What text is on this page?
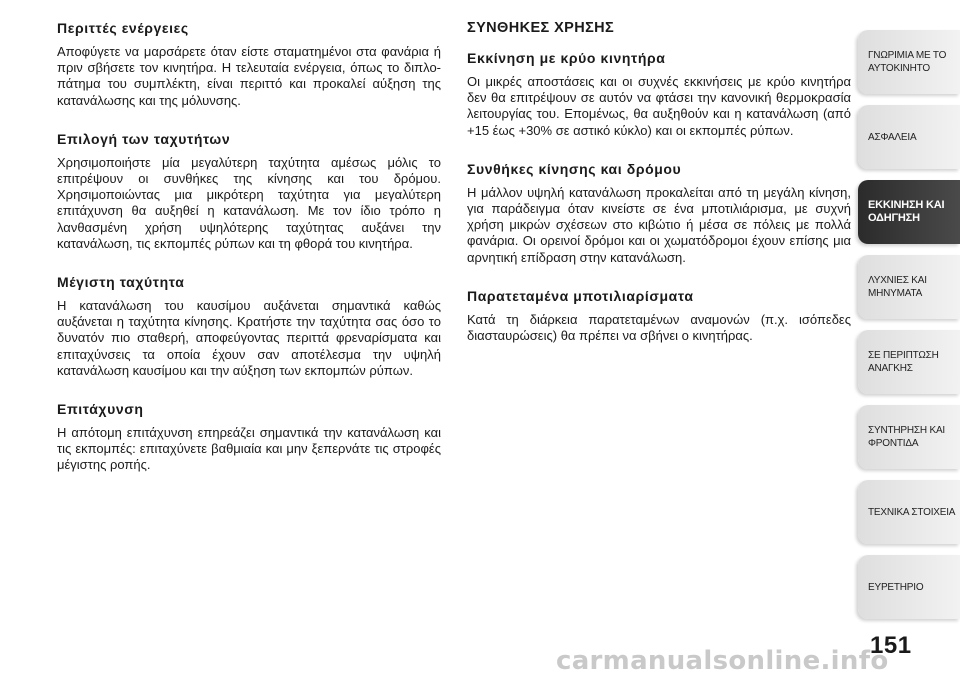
Περιττές ενέργειες

Αποφύγετε να μαρσάρετε όταν είστε σταματημένοι στα φανάρια ή πριν σβήσετε τον κινητήρα. Η τελευταία ενέργεια, όπως το διπλο-πάτημα του συμπλέκτη, είναι περιττό και προκαλεί αύξηση της κατανάλωσης και της μόλυνσης.

Επιλογή των ταχυτήτων

Χρησιμοποιήστε μία μεγαλύτερη ταχύτητα αμέσως μόλις το επιτρέψουν οι συνθήκες της κίνησης και του δρόμου. Χρησιμοποιώντας μια μικρότερη ταχύτητα για μεγαλύτερη επιτάχυνση θα αυξηθεί η κατανάλωση. Με τον ίδιο τρόπο η λανθασμένη χρήση υψηλότερης ταχύτητας αυξάνει την κατανάλωση, τις εκπομπές ρύπων και τη φθορά του κινητήρα.

Μέγιστη ταχύτητα

Η κατανάλωση του καυσίμου αυξάνεται σημαντικά καθώς αυξάνεται η ταχύτητα κίνησης. Κρατήστε την ταχύτητα σας όσο το δυνατόν πιο σταθερή, αποφεύγοντας περιττά φρεναρίσματα και επιταχύνσεις τα οποία έχουν σαν αποτέλεσμα την υψηλή κατανάλωση καυσίμου και την αύξηση των εκπομπών ρύπων.

Επιτάχυνση

Η απότομη επιτάχυνση επηρεάζει σημαντικά την κατανάλωση και τις εκπομπές: επιταχύνετε βαθμιαία και μην ξεπερνάτε τις στροφές μέγιστης ροπής.

ΣΥΝΘΗΚΕΣ ΧΡΗΣΗΣ
Εκκίνηση με κρύο κινητήρα

Οι μικρές αποστάσεις και οι συχνές εκκινήσεις με κρύο κινητήρα δεν θα επιτρέψουν σε αυτόν να φτάσει την κανονική θερμοκρασία λειτουργίας του. Επομένως, θα αυξηθούν και η κατανάλωση (από +15 έως +30% σε αστικό κύκλο) και οι εκπομπές ρύπων.

Συνθήκες κίνησης και δρόμου

Η μάλλον υψηλή κατανάλωση προκαλείται από τη μεγάλη κίνηση, για παράδειγμα όταν κινείστε σε ένα μποτιλιάρισμα, με συχνή χρήση μικρών σχέσεων στο κιβώτιο ή μέσα σε πόλεις με πολλά φανάρια. Οι ορεινοί δρόμοι και οι χωματόδρομοι έχουν επίσης μια αρνητική επίδραση στην κατανάλωση.

Παρατεταμένα μποτιλιαρίσματα

Κατά τη διάρκεια παρατεταμένων αναμονών (π.χ. ισόπεδες διασταυρώσεις) θα πρέπει να σβήνει ο κινητήρας.

ΓΝΩΡΙΜΙΑ ΜΕ ΤΟ ΑΥΤΟΚΙΝΗΤΟ
ΑΣΦΑΛΕΙΑ
ΕΚΚΙΝΗΣΗ ΚΑΙ ΟΔΗΓΗΣΗ
ΛΥΧΝΙΕΣ ΚΑΙ ΜΗΝΥΜΑΤΑ
ΣΕ ΠΕΡΙΠΤΩΣΗ ΑΝΑΓΚΗΣ
ΣΥΝΤΗΡΗΣΗ ΚΑΙ ΦΡΟΝΤΙΔΑ
ΤΕΧΝΙΚΑ ΣΤΟΙΧΕΙΑ
ΕΥΡΕΤΗΡΙΟ
151
carmanualsonline.info
